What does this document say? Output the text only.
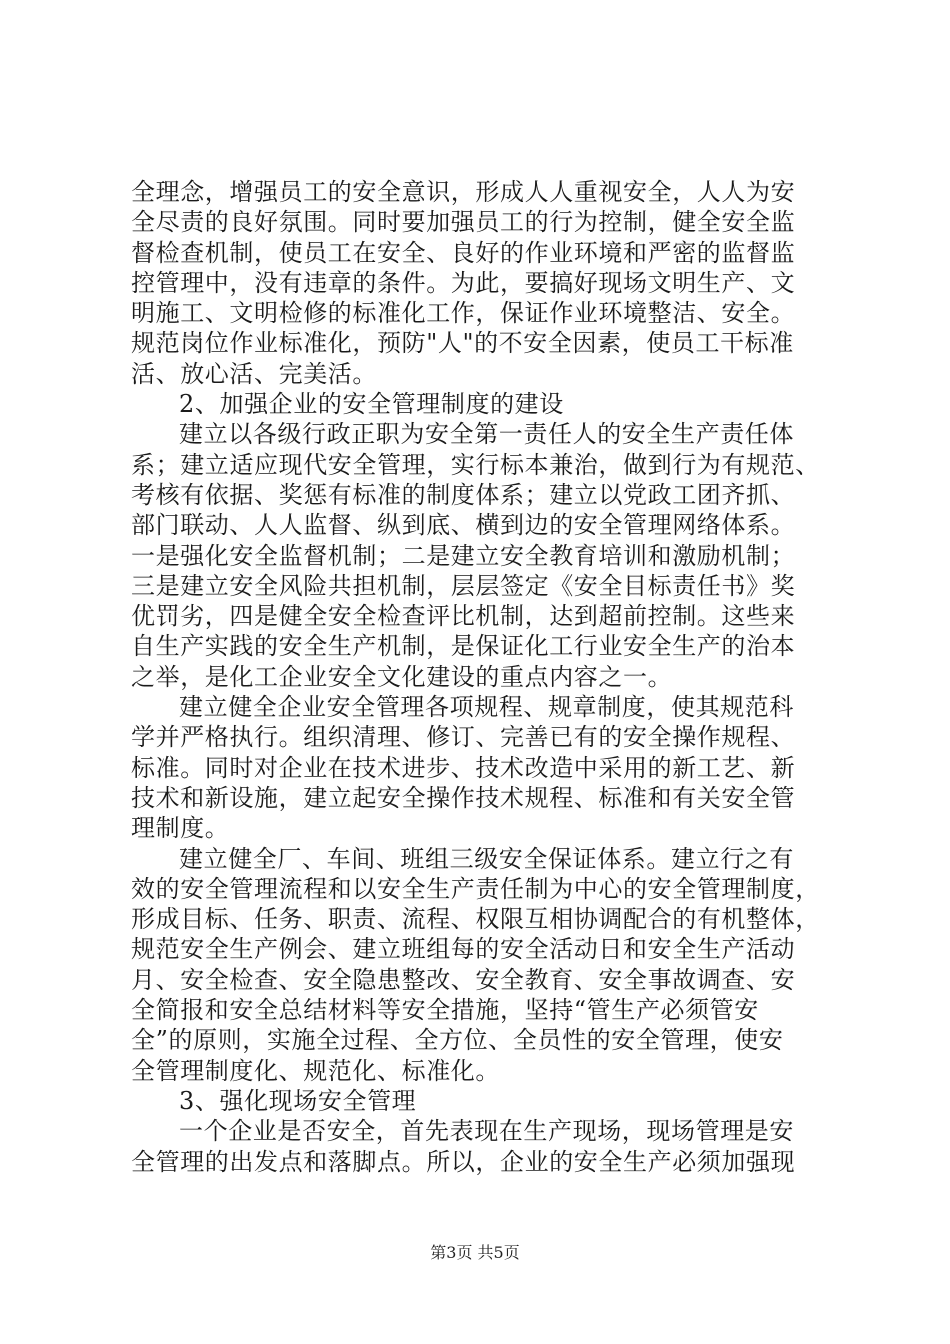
全理念，增强员工的安全意识，形成人人重视安全，人人为安
全尽责的良好氛围。同时要加强员工的行为控制，健全安全监
督检查机制，使员工在安全、良好的作业环境和严密的监督监
控管理中，没有违章的条件。为此，要搞好现场文明生产、文
明施工、文明检修的标准化工作，保证作业环境整洁、安全。
规范岗位作业标准化，预防"人"的不安全因素，使员工干标准
活、放心活、完美活。
2、加强企业的安全管理制度的建设
建立以各级行政正职为安全第一责任人的安全生产责任体
系；建立适应现代安全管理，实行标本兼治，做到行为有规范、
考核有依据、奖惩有标准的制度体系；建立以党政工团齐抓、
部门联动、人人监督、纵到底、横到边的安全管理网络体系。
一是强化安全监督机制；二是建立安全教育培训和激励机制；
三是建立安全风险共担机制，层层签定《安全目标责任书》奖
优罚劣，四是健全安全检查评比机制，达到超前控制。这些来
自生产实践的安全生产机制，是保证化工行业安全生产的治本
之举，是化工企业安全文化建设的重点内容之一。
建立健全企业安全管理各项规程、规章制度，使其规范科
学并严格执行。组织清理、修订、完善已有的安全操作规程、
标准。同时对企业在技术进步、技术改造中采用的新工艺、新
技术和新设施，建立起安全操作技术规程、标准和有关安全管
理制度。
建立健全厂、车间、班组三级安全保证体系。建立行之有
效的安全管理流程和以安全生产责任制为中心的安全管理制度，
形成目标、任务、职责、流程、权限互相协调配合的有机整体，
规范安全生产例会、建立班组每的安全活动日和安全生产活动
月、安全检查、安全隐患整改、安全教育、安全事故调查、安
全简报和安全总结材料等安全措施，坚持“管生产必须管安
全”的原则，实施全过程、全方位、全员性的安全管理，使安
全管理制度化、规范化、标准化。
3、强化现场安全管理
一个企业是否安全，首先表现在生产现场，现场管理是安
全管理的出发点和落脚点。所以，企业的安全生产必须加强现
第3页 共5页
